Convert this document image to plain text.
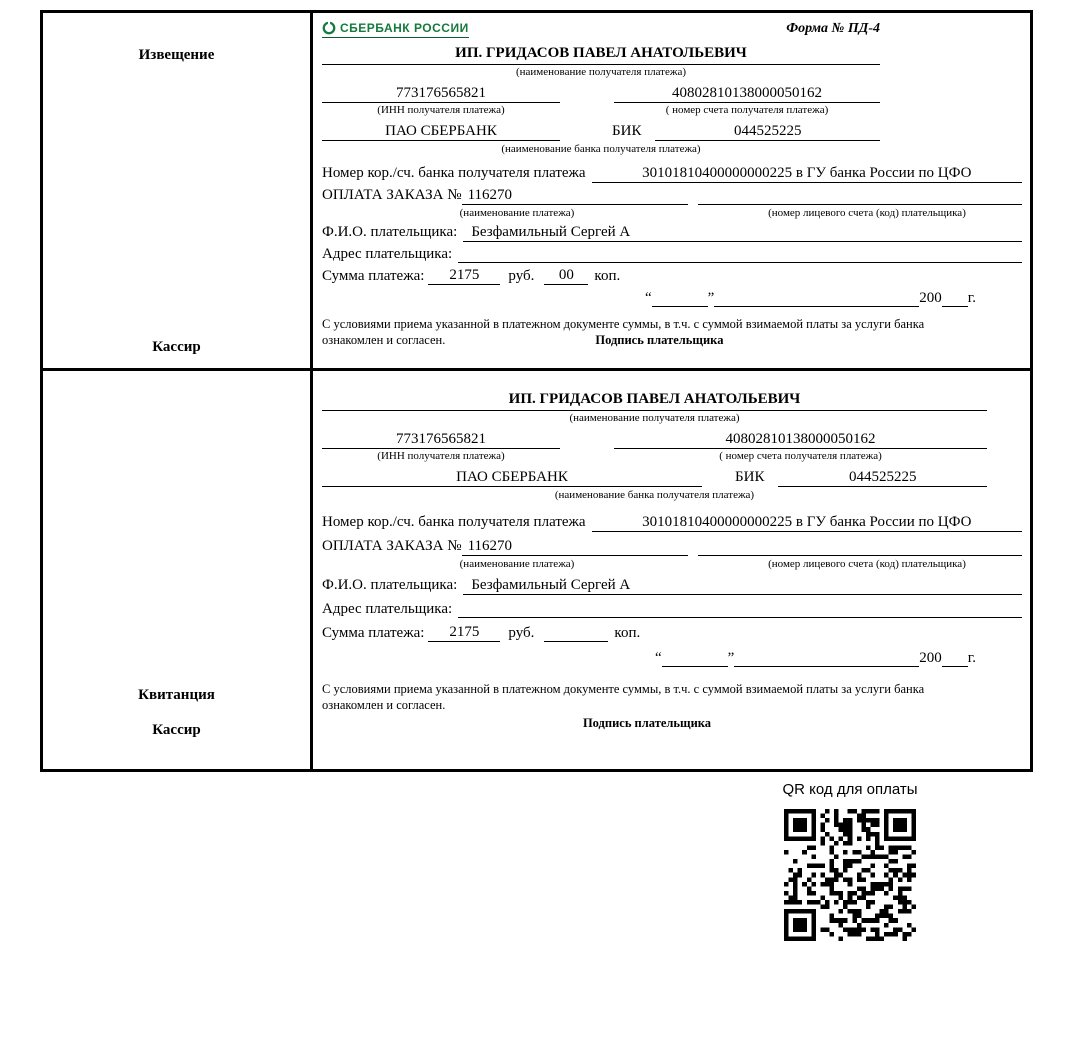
Извещение
Кассир
СБЕРБАНК РОССИИ	Форма № ПД-4
ИП. ГРИДАСОВ ПАВЕЛ АНАТОЛЬЕВИЧ
(наименование получателя платежа)
773176565821	40802810138000050162
(ИНН получателя платежа)	( номер счета получателя платежа)
ПАО СБЕРБАНК	БИК	044525225
(наименование банка получателя платежа)
Номер кор./сч. банка получателя платежа	30101810400000000225 в ГУ банка России по ЦФО
ОПЛАТА ЗАКАЗА № 116270
(наименование платежа)	(номер лицевого счета (код) плательщика)
Ф.И.О. плательщика: Безфамильный Сергей А
Адрес плательщика:
Сумма платежа:	2175	руб.	00	коп.
“	”	200 г.
С условиями приема указанной в платежном документе суммы, в т.ч. с суммой взимаемой платы за услуги банка
ознакомлен и согласен.	Подпись плательщика
Квитанция
Кассир
ИП. ГРИДАСОВ ПАВЕЛ АНАТОЛЬЕВИЧ
(наименование получателя платежа)
773176565821	40802810138000050162
(ИНН получателя платежа)	( номер счета получателя платежа)
ПАО СБЕРБАНК	БИК	044525225
(наименование банка получателя платежа)
Номер кор./сч. банка получателя платежа	30101810400000000225 в ГУ банка России по ЦФО
ОПЛАТА ЗАКАЗА № 116270
(наименование платежа)	(номер лицевого счета (код) плательщика)
Ф.И.О. плательщика: Безфамильный Сергей А
Адрес плательщика:
Сумма платежа:	2175	руб.	коп.
“	”	200 г.
С условиями приема указанной в платежном документе суммы, в т.ч. с суммой взимаемой платы за услуги банка
ознакомлен и согласен.
Подпись плательщика
QR код для оплаты
